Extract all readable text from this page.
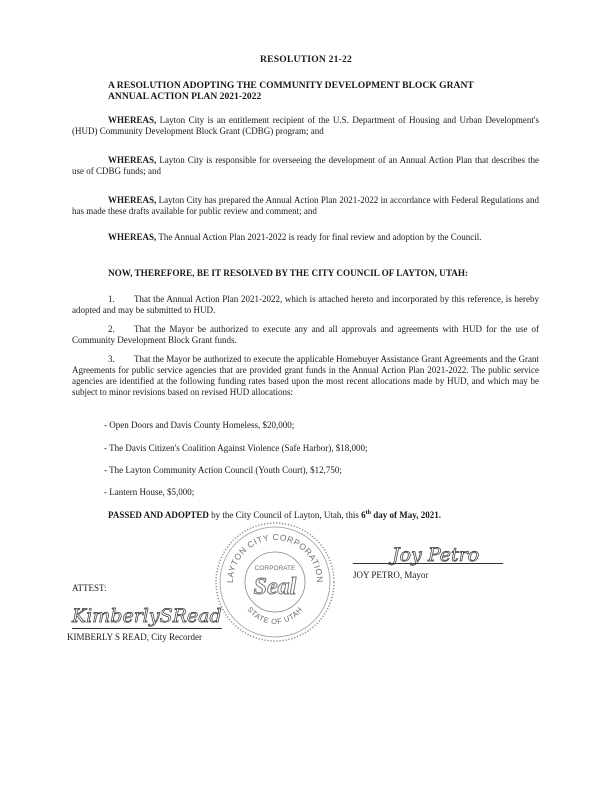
RESOLUTION 21-22
A RESOLUTION ADOPTING THE COMMUNITY DEVELOPMENT BLOCK GRANT ANNUAL ACTION PLAN 2021-2022
WHEREAS, Layton City is an entitlement recipient of the U.S. Department of Housing and Urban Development's (HUD) Community Development Block Grant (CDBG) program; and
WHEREAS, Layton City is responsible for overseeing the development of an Annual Action Plan that describes the use of CDBG funds; and
WHEREAS, Layton City has prepared the Annual Action Plan 2021-2022 in accordance with Federal Regulations and has made these drafts available for public review and comment; and
WHEREAS, The Annual Action Plan 2021-2022 is ready for final review and adoption by the Council.
NOW, THEREFORE, BE IT RESOLVED BY THE CITY COUNCIL OF LAYTON, UTAH:
1. That the Annual Action Plan 2021-2022, which is attached hereto and incorporated by this reference, is hereby adopted and may be submitted to HUD.
2. That the Mayor be authorized to execute any and all approvals and agreements with HUD for the use of Community Development Block Grant funds.
3. That the Mayor be authorized to execute the applicable Homebuyer Assistance Grant Agreements and the Grant Agreements for public service agencies that are provided grant funds in the Annual Action Plan 2021-2022. The public service agencies are identified at the following funding rates based upon the most recent allocations made by HUD, and which may be subject to minor revisions based on revised HUD allocations:
- Open Doors and Davis County Homeless, $20,000;
- The Davis Citizen's Coalition Against Violence (Safe Harbor), $18,000;
- The Layton Community Action Council (Youth Court), $12,750;
- Lantern House, $5,000;
PASSED AND ADOPTED by the City Council of Layton, Utah, this 6th day of May, 2021.
LAYTON CITY CORPORATION
STATE OF UTAH
CORPORATE
Seal
Joy Petro
JOY PETRO, Mayor
ATTEST:
KimberlySRead
KIMBERLY S READ, City Recorder
